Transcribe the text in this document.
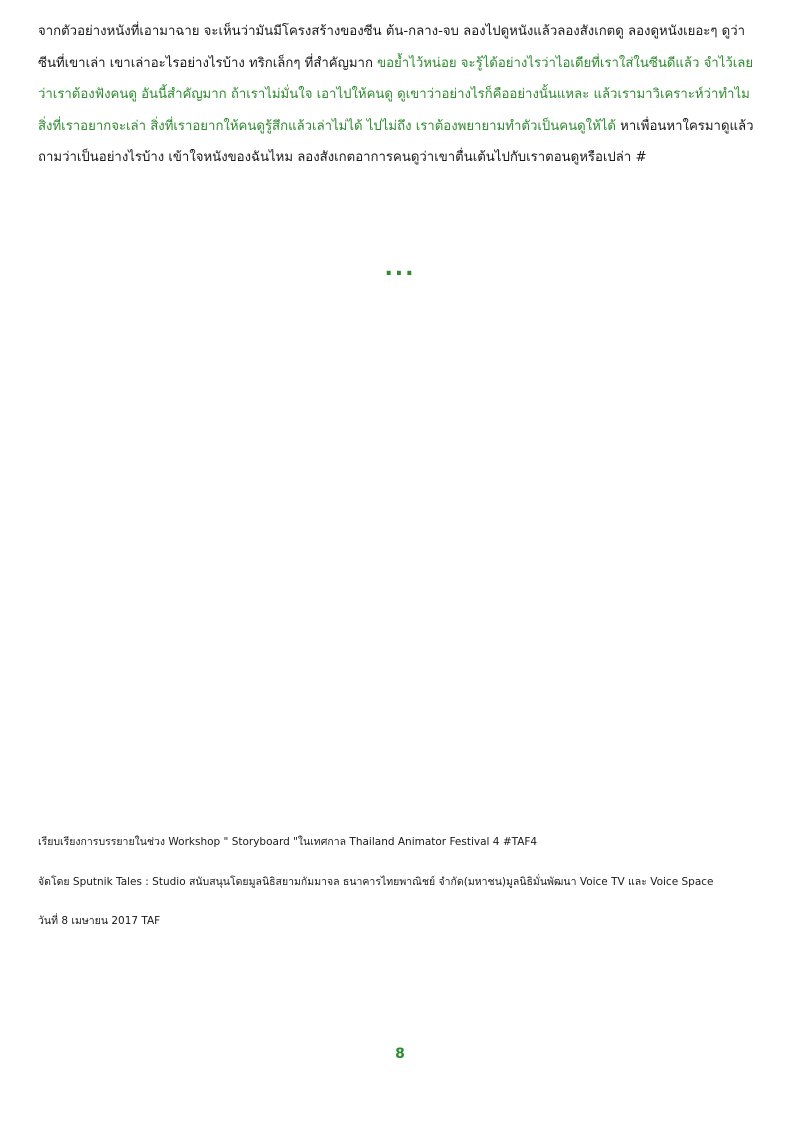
จากตัวอย่างหนังที่เอามาฉาย จะเห็นว่ามันมีโครงสร้างของซีน ต้น-กลาง-จบ ลองไปดูหนังแล้วลองสังเกตดู ลองดูหนังเยอะๆ ดูว่าซีนที่เขาเล่า เขาเล่าอะไรอย่างไรบ้าง ทริกเล็กๆ ที่สำคัญมาก ขอย้ำไว้หน่อย จะรู้ได้อย่างไรว่าไอเดียที่เราใส่ในซีนดีแล้ว จำไว้เลยว่าเราต้องฟังคนดู อันนี้สำคัญมาก ถ้าเราไม่มั่นใจ เอาไปให้คนดู ดูเขาว่าอย่างไรก็คืออย่างนั้นแหละ แล้วเรามาวิเคราะห์ว่าทำไมสิ่งที่เราอยากจะเล่า สิ่งที่เราอยากให้คนดูรู้สึกแล้วเล่าไม่ได้ ไปไม่ถึง เราต้องพยายามทำตัวเป็นคนดูให้ได้ หาเพื่อนหาใครมาดูแล้วถามว่าเป็นอย่างไรบ้าง เข้าใจหนังของฉันไหม ลองสังเกตอาการคนดูว่าเขาตื่นเต้นไปกับเราตอนดูหรือเปล่า #

...

เรียบเรียงการบรรยายในช่วง Workshop " Storyboard "ในเทศกาล Thailand Animator Festival 4 #TAF4

จัดโดย Sputnik Tales : Studio สนับสนุนโดยมูลนิธิสยามกัมมาจล ธนาคารไทยพาณิชย์ จำกัด(มหาชน)มูลนิธิมั่นพัฒนา Voice TV และ Voice Space

วันที่ 8 เมษายน 2017 TAF

8
